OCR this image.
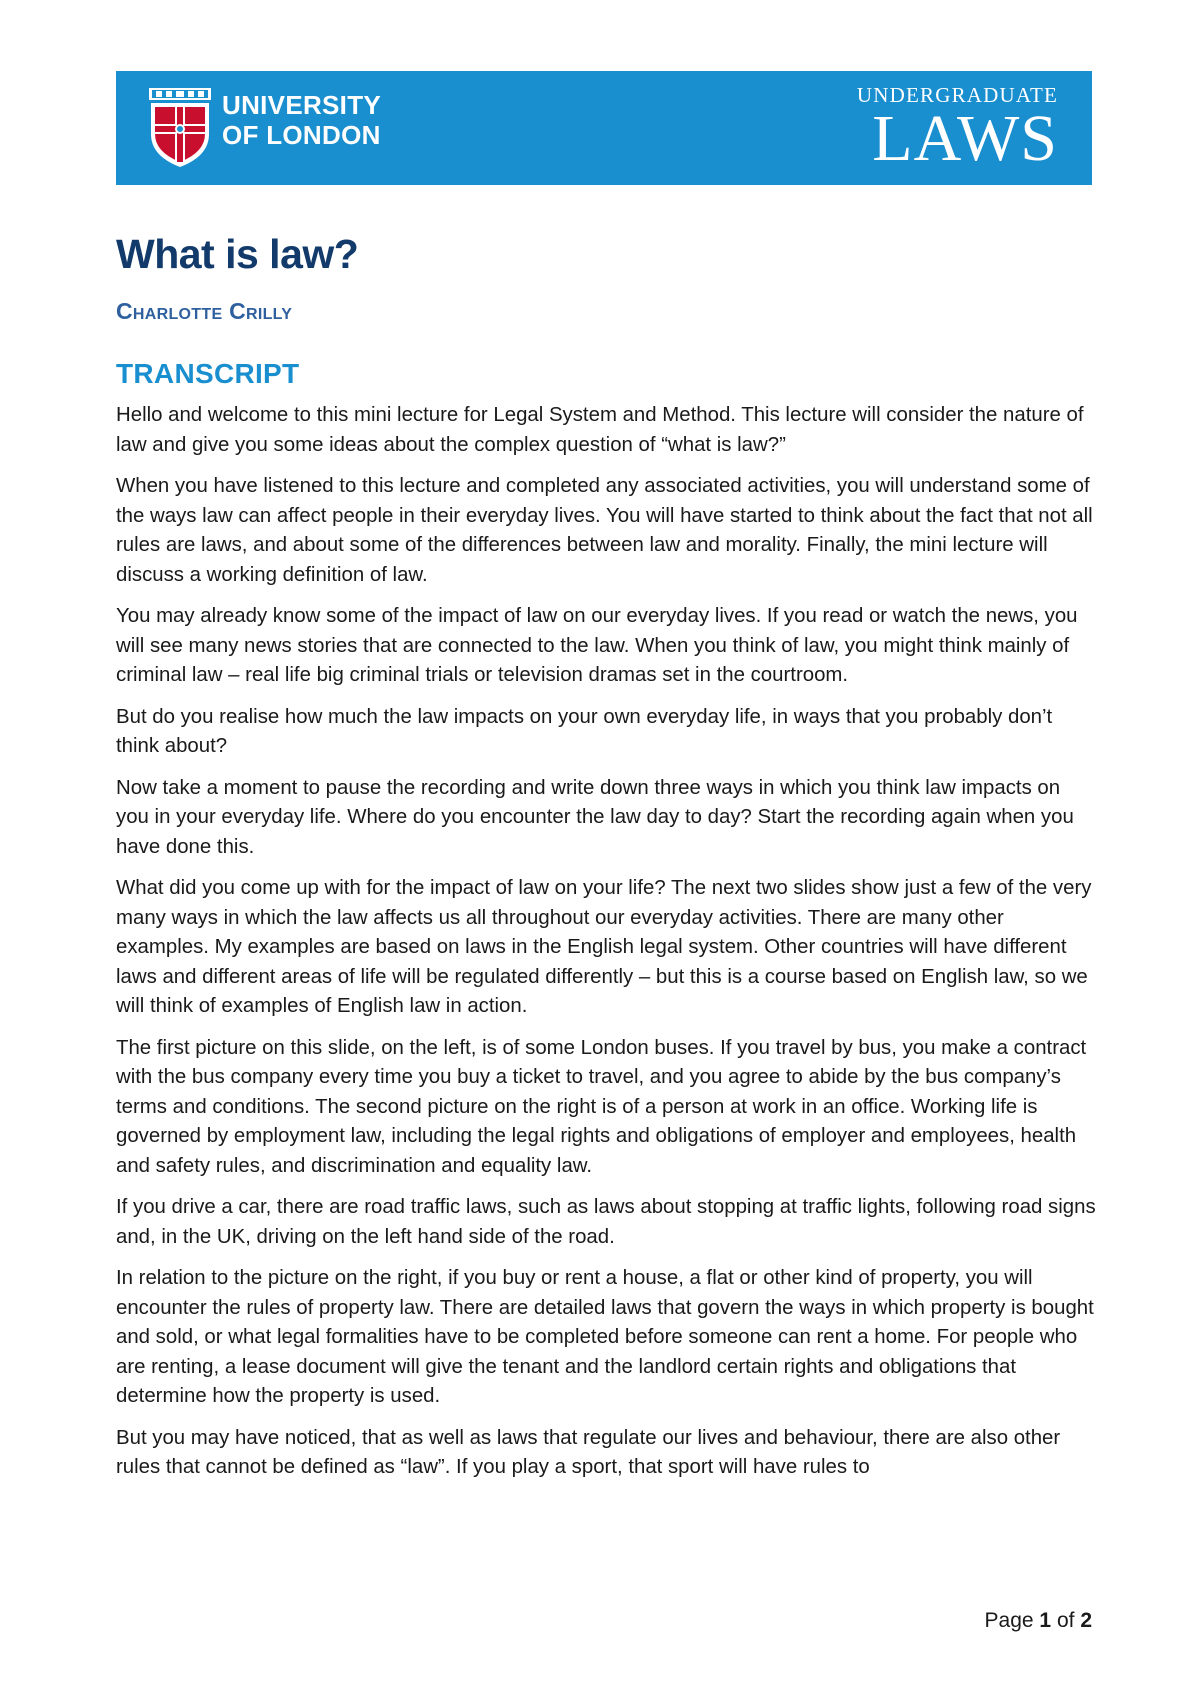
UNIVERSITY
OF LONDON
UNDERGRADUATE
LAWS
What is law?
Charlotte Crilly
TRANSCRIPT

Hello and welcome to this mini lecture for Legal System and Method. This lecture will consider the nature of law and give you some ideas about the complex question of “what is law?”

When you have listened to this lecture and completed any associated activities, you will understand some of the ways law can affect people in their everyday lives. You will have started to think about the fact that not all rules are laws, and about some of the differences between law and morality. Finally, the mini lecture will discuss a working definition of law.

You may already know some of the impact of law on our everyday lives. If you read or watch the news, you will see many news stories that are connected to the law. When you think of law, you might think mainly of criminal law – real life big criminal trials or television dramas set in the courtroom.

But do you realise how much the law impacts on your own everyday life, in ways that you probably don’t think about?

Now take a moment to pause the recording and write down three ways in which you think law impacts on you in your everyday life. Where do you encounter the law day to day? Start the recording again when you have done this.

What did you come up with for the impact of law on your life? The next two slides show just a few of the very many ways in which the law affects us all throughout our everyday activities. There are many other examples. My examples are based on laws in the English legal system. Other countries will have different laws and different areas of life will be regulated differently – but this is a course based on English law, so we will think of examples of English law in action.

The first picture on this slide, on the left, is of some London buses. If you travel by bus, you make a contract with the bus company every time you buy a ticket to travel, and you agree to abide by the bus company’s terms and conditions. The second picture on the right is of a person at work in an office. Working life is governed by employment law, including the legal rights and obligations of employer and employees, health and safety rules, and discrimination and equality law.

If you drive a car, there are road traffic laws, such as laws about stopping at traffic lights, following road signs and, in the UK, driving on the left hand side of the road.

In relation to the picture on the right, if you buy or rent a house, a flat or other kind of property, you will encounter the rules of property law. There are detailed laws that govern the ways in which property is bought and sold, or what legal formalities have to be completed before someone can rent a home. For people who are renting, a lease document will give the tenant and the landlord certain rights and obligations that determine how the property is used.

But you may have noticed, that as well as laws that regulate our lives and behaviour, there are also other rules that cannot be defined as “law”. If you play a sport, that sport will have rules to

Page 1 of 2
